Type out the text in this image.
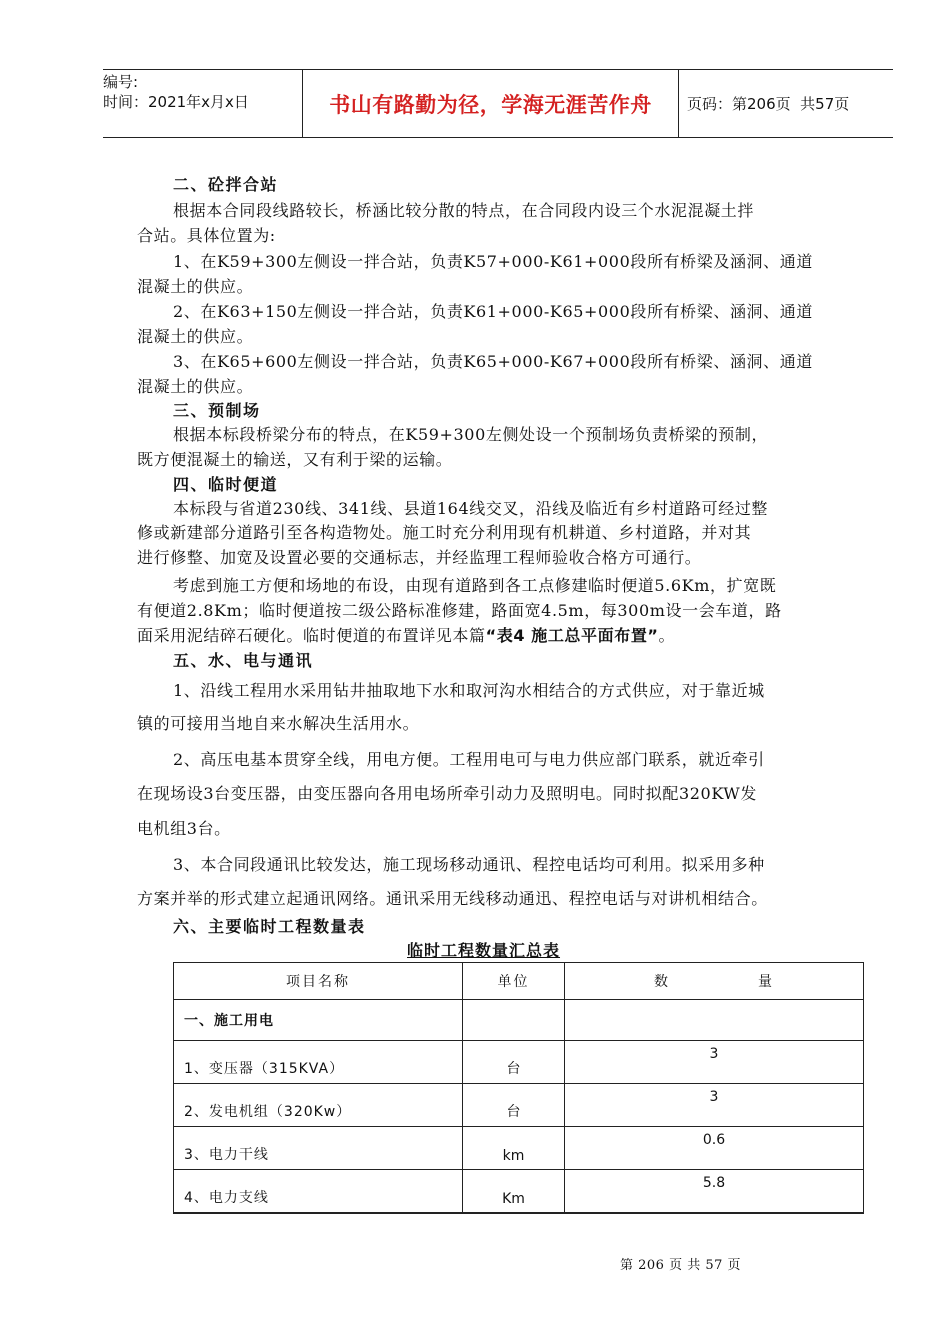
编号:
时间：2021年x月x日	书山有路勤为径，学海无涯苦作舟	页码：第206页  共57页
二、砼拌合站
根据本合同段线路较长，桥涵比较分散的特点，在合同段内设三个水泥混凝土拌
合站。具体位置为:
1、在K59+300左侧设一拌合站，负责K57+000-K61+000段所有桥梁及涵洞、通道
混凝土的供应。
2、在K63+150左侧设一拌合站，负责K61+000-K65+000段所有桥梁、涵洞、通道
混凝土的供应。
3、在K65+600左侧设一拌合站，负责K65+000-K67+000段所有桥梁、涵洞、通道
混凝土的供应。
三、预制场
根据本标段桥梁分布的特点，在K59+300左侧处设一个预制场负责桥梁的预制，
既方便混凝土的输送，又有利于梁的运输。
四、临时便道
本标段与省道230线、341线、县道164线交叉，沿线及临近有乡村道路可经过整
修或新建部分道路引至各构造物处。施工时充分利用现有机耕道、乡村道路，并对其
进行修整、加宽及设置必要的交通标志，并经监理工程师验收合格方可通行。
考虑到施工方便和场地的布设，由现有道路到各工点修建临时便道5.6Km，扩宽既
有便道2.8Km；临时便道按二级公路标准修建，路面宽4.5m，每300m设一会车道，路
面采用泥结碎石硬化。临时便道的布置详见本篇“表4 施工总平面布置”。
五、水、电与通讯
1、沿线工程用水采用钻井抽取地下水和取河沟水相结合的方式供应，对于靠近城
镇的可接用当地自来水解决生活用水。
2、高压电基本贯穿全线，用电方便。工程用电可与电力供应部门联系，就近牵引
在现场设3台变压器，由变压器向各用电场所牵引动力及照明电。同时拟配320KW发
电机组3台。
3、本合同段通讯比较发达，施工现场移动通讯、程控电话均可利用。拟采用多种
方案并举的形式建立起通讯网络。通讯采用无线移动通迅、程控电话与对讲机相结合。
六、主要临时工程数量表
临时工程数量汇总表
项目名称	单位	数 量

一、施工用电		
1、变压器（315KVA）	台	3
2、发电机组（320Kw）	台	3
3、电力干线	km	0.6
4、电力支线	Km	5.8
第 206 页 共 57 页
